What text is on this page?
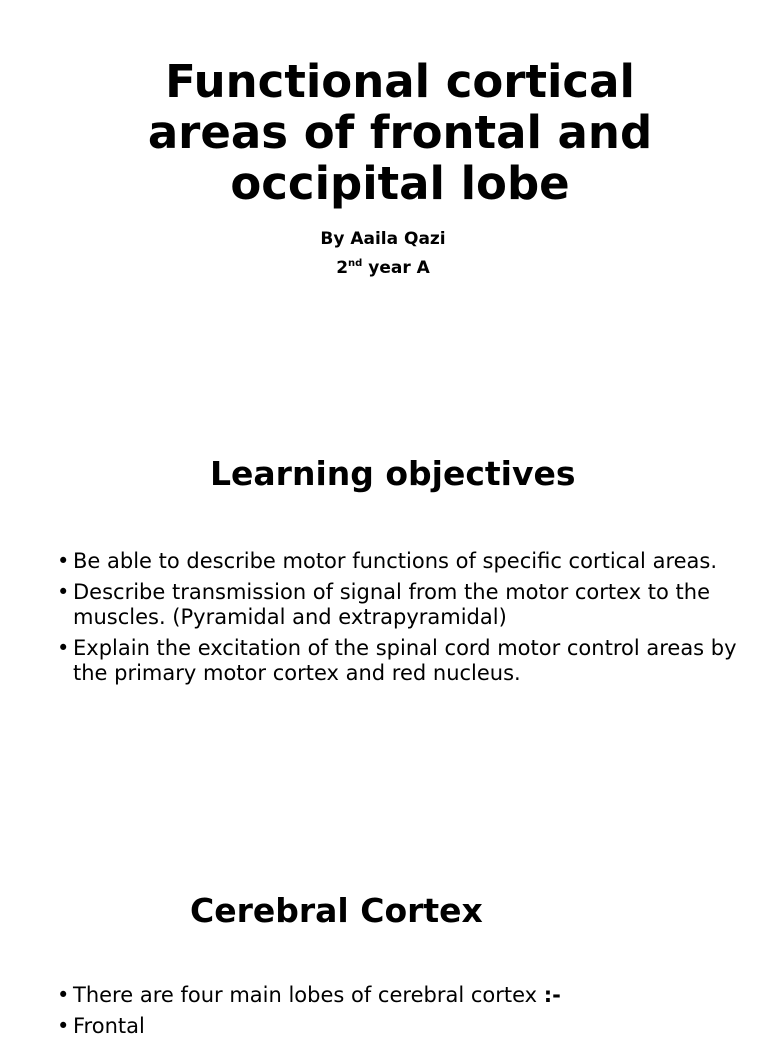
Functional cortical
areas of frontal and
occipital lobe

By Aaila Qazi

2nd year A

Learning objectives
• Be able to describe motor functions of specific cortical areas.
• Describe transmission of signal from the motor cortex to the muscles. (Pyramidal and extrapyramidal)
• Explain the excitation of the spinal cord motor control areas by the primary motor cortex and red nucleus.
Cerebral Cortex
• There are four main lobes of cerebral cortex :-
• Frontal
